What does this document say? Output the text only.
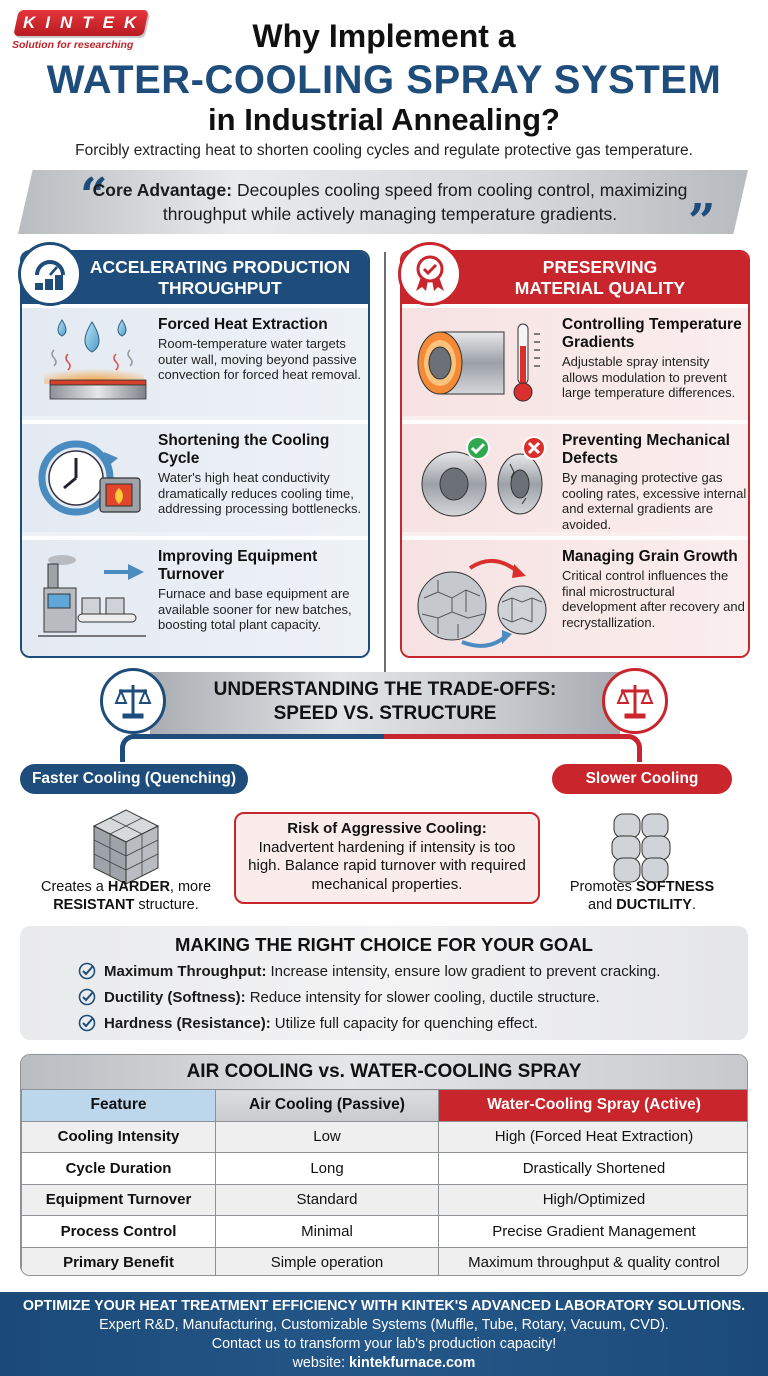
KINTEK
Solution for researching	Why Implement a
WATER-COOLING SPRAY SYSTEM
in Industrial Annealing?
Forcibly extracting heat to shorten cooling cycles and regulate protective gas temperature.
“
Core Advantage: Decouples cooling speed from cooling control, maximizing throughput while actively managing temperature gradients.	”
ACCELERATING PRODUCTION
THROUGHPUT
Forced Heat Extraction

Room-temperature water targets outer wall, moving beyond passive convection for forced heat removal.

Shortening the Cooling Cycle

Water's high heat conductivity dramatically reduces cooling time, addressing processing bottlenecks.

Improving Equipment Turnover

Furnace and base equipment are available sooner for new batches, boosting total plant capacity.

PRESERVING
MATERIAL QUALITY
Controlling Temperature Gradients

Adjustable spray intensity allows modulation to prevent large temperature differences.

Preventing Mechanical Defects

By managing protective gas cooling rates, excessive internal and external gradients are avoided.

Managing Grain Growth

Critical control influences the final microstructural development after recovery and recrystallization.

UNDERSTANDING THE TRADE-OFFS:
SPEED VS. STRUCTURE
Faster Cooling (Quenching)	Slower Cooling
Creates a HARDER, more
RESISTANT structure.
Risk of Aggressive Cooling:
Inadvertent hardening if intensity is too high. Balance rapid turnover with required mechanical properties.	Promotes SOFTNESS
and DUCTILITY.
MAKING THE RIGHT CHOICE FOR YOUR GOAL
Maximum Throughput: Increase intensity, ensure low gradient to prevent cracking.
Ductility (Softness): Reduce intensity for slower cooling, ductile structure.
Hardness (Resistance): Utilize full capacity for quenching effect.
AIR COOLING vs. WATER-COOLING SPRAY
Feature	Air Cooling (Passive)	Water-Cooling Spray (Active)
Cooling Intensity	Low	High (Forced Heat Extraction)
Cycle Duration	Long	Drastically Shortened
Equipment Turnover	Standard	High/Optimized
Process Control	Minimal	Precise Gradient Management
Primary Benefit	Simple operation	Maximum throughput & quality control
OPTIMIZE YOUR HEAT TREATMENT EFFICIENCY WITH KINTEK'S ADVANCED LABORATORY SOLUTIONS.
Expert R&D, Manufacturing, Customizable Systems (Muffle, Tube, Rotary, Vacuum, CVD).
Contact us to transform your lab's production capacity!
website: kintekfurnace.com
